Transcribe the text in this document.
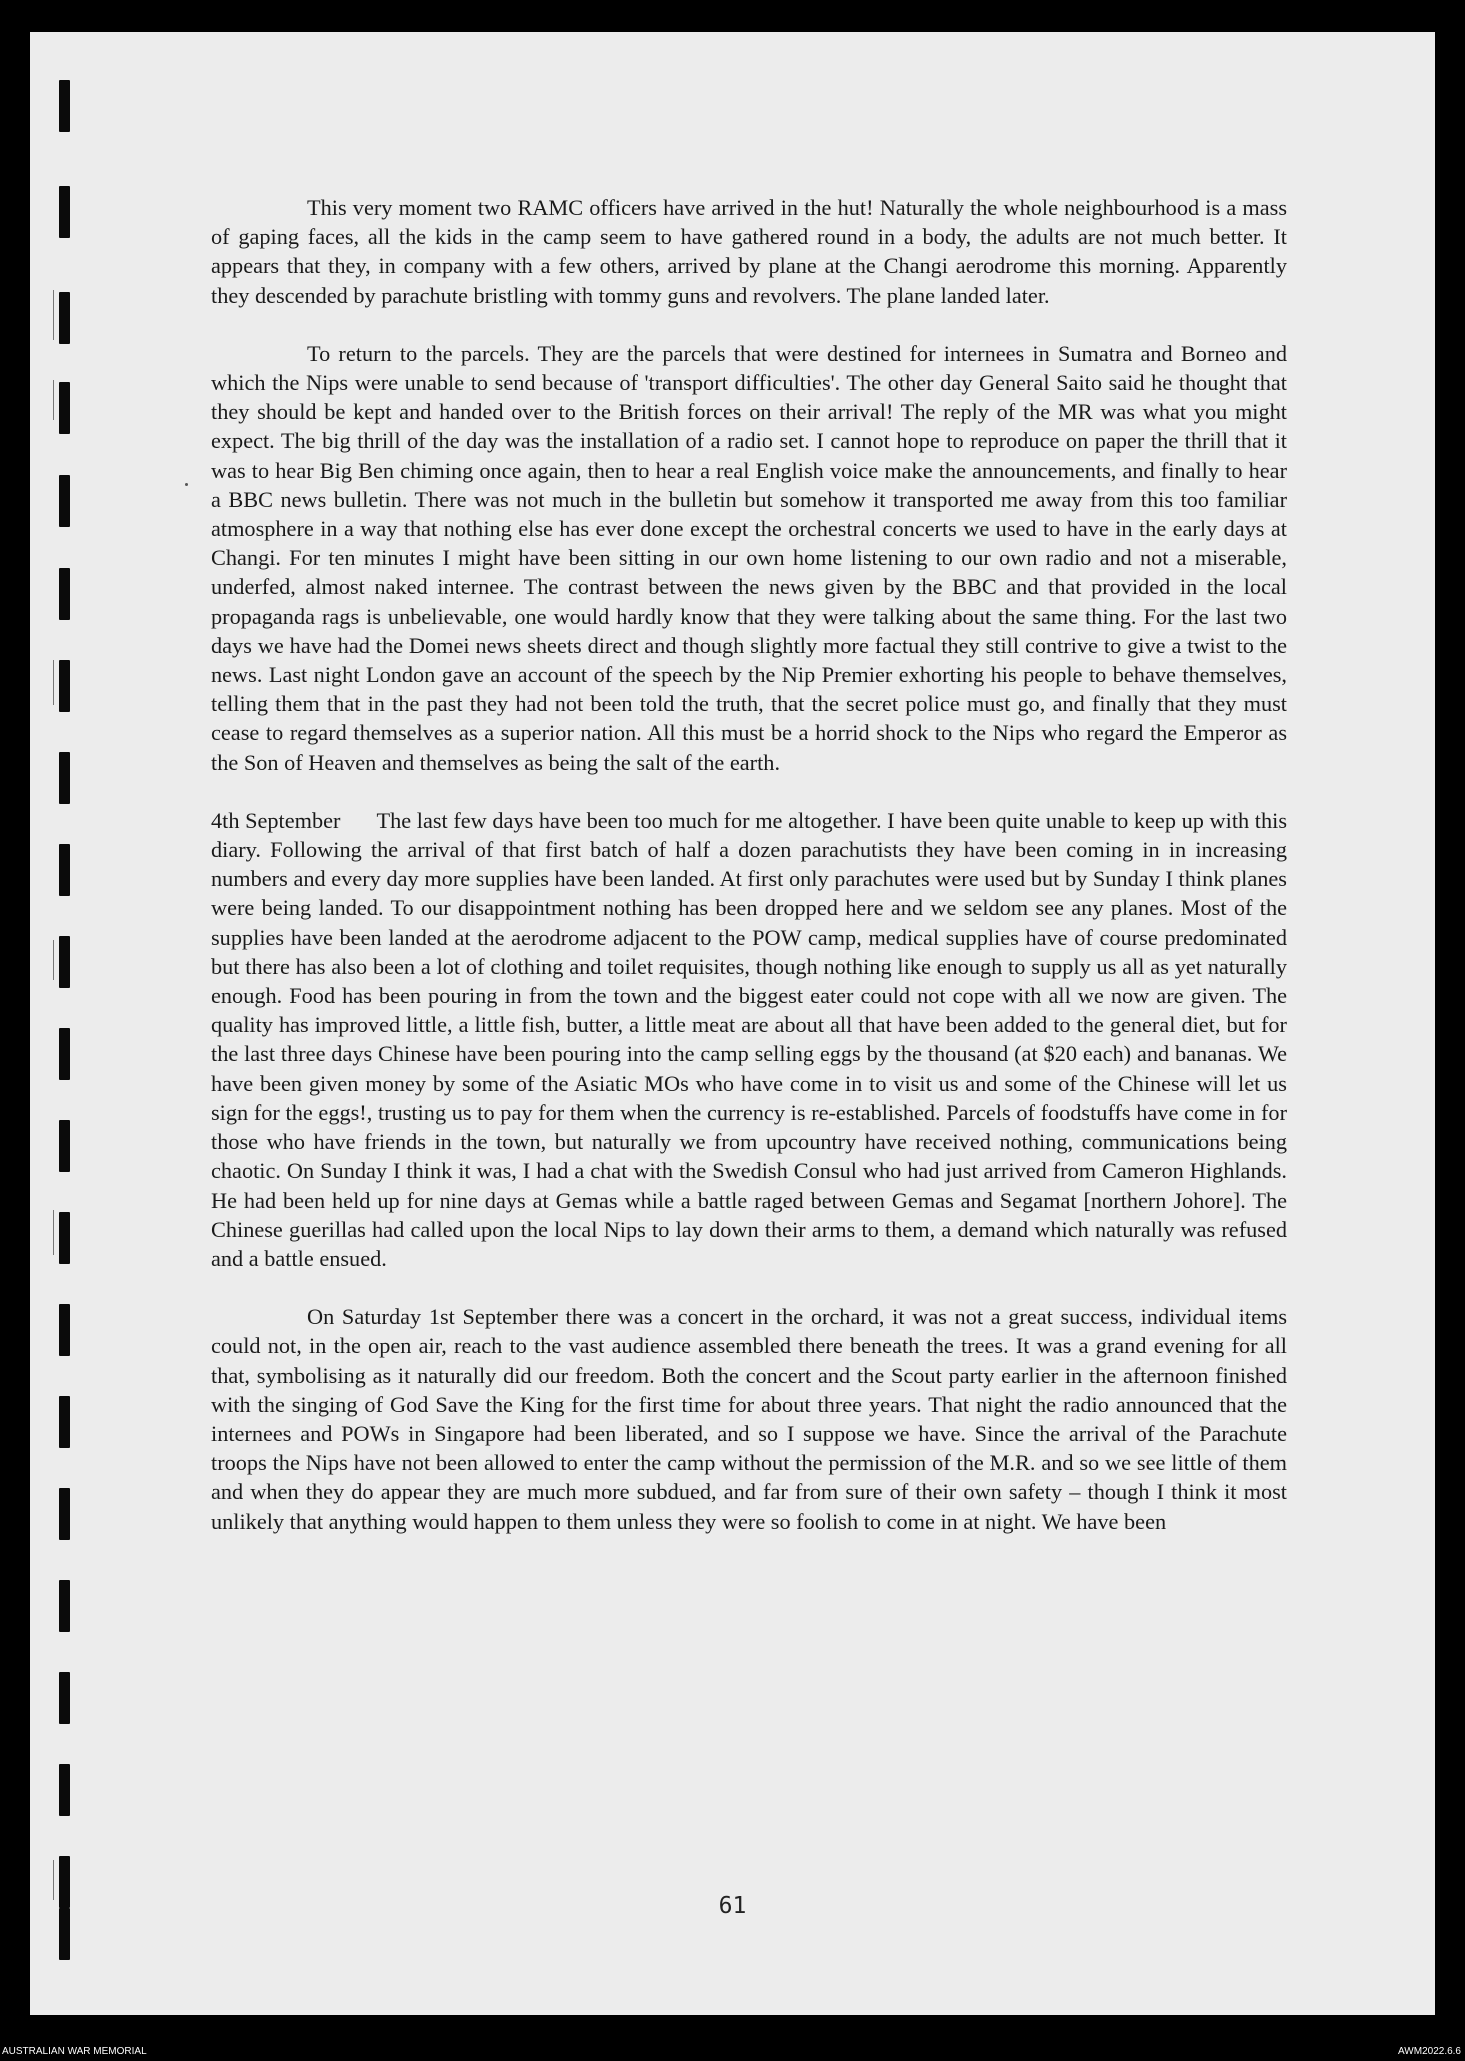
This very moment two RAMC officers have arrived in the hut! Naturally the whole neighbourhood is a mass of gaping faces, all the kids in the camp seem to have gathered round in a body, the adults are not much better. It appears that they, in company with a few others, arrived by plane at the Changi aerodrome this morning. Apparently they descended by parachute bristling with tommy guns and revolvers. The plane landed later.

To return to the parcels. They are the parcels that were destined for internees in Sumatra and Borneo and which the Nips were unable to send because of 'transport difficulties'. The other day General Saito said he thought that they should be kept and handed over to the British forces on their arrival! The reply of the MR was what you might expect. The big thrill of the day was the installation of a radio set. I cannot hope to reproduce on paper the thrill that it was to hear Big Ben chiming once again, then to hear a real English voice make the announcements, and finally to hear a BBC news bulletin. There was not much in the bulletin but somehow it transported me away from this too familiar atmosphere in a way that nothing else has ever done except the orchestral concerts we used to have in the early days at Changi. For ten minutes I might have been sitting in our own home listening to our own radio and not a miserable, underfed, almost naked internee. The contrast between the news given by the BBC and that provided in the local propaganda rags is unbelievable, one would hardly know that they were talking about the same thing. For the last two days we have had the Domei news sheets direct and though slightly more factual they still contrive to give a twist to the news. Last night London gave an account of the speech by the Nip Premier exhorting his people to behave themselves, telling them that in the past they had not been told the truth, that the secret police must go, and finally that they must cease to regard themselves as a superior nation. All this must be a horrid shock to the Nips who regard the Emperor as the Son of Heaven and themselves as being the salt of the earth.

4th September The last few days have been too much for me altogether. I have been quite unable to keep up with this diary. Following the arrival of that first batch of half a dozen parachutists they have been coming in in increasing numbers and every day more supplies have been landed. At first only parachutes were used but by Sunday I think planes were being landed. To our disappointment nothing has been dropped here and we seldom see any planes. Most of the supplies have been landed at the aerodrome adjacent to the POW camp, medical supplies have of course predominated but there has also been a lot of clothing and toilet requisites, though nothing like enough to supply us all as yet naturally enough. Food has been pouring in from the town and the biggest eater could not cope with all we now are given. The quality has improved little, a little fish, butter, a little meat are about all that have been added to the general diet, but for the last three days Chinese have been pouring into the camp selling eggs by the thousand (at $20 each) and bananas. We have been given money by some of the Asiatic MOs who have come in to visit us and some of the Chinese will let us sign for the eggs!, trusting us to pay for them when the currency is re-established. Parcels of foodstuffs have come in for those who have friends in the town, but naturally we from upcountry have received nothing, communications being chaotic. On Sunday I think it was, I had a chat with the Swedish Consul who had just arrived from Cameron Highlands. He had been held up for nine days at Gemas while a battle raged between Gemas and Segamat [northern Johore]. The Chinese guerillas had called upon the local Nips to lay down their arms to them, a demand which naturally was refused and a battle ensued.

On Saturday 1st September there was a concert in the orchard, it was not a great success, individual items could not, in the open air, reach to the vast audience assembled there beneath the trees. It was a grand evening for all that, symbolising as it naturally did our freedom. Both the concert and the Scout party earlier in the afternoon finished with the singing of God Save the King for the first time for about three years. That night the radio announced that the internees and POWs in Singapore had been liberated, and so I suppose we have. Since the arrival of the Parachute troops the Nips have not been allowed to enter the camp without the permission of the M.R. and so we see little of them and when they do appear they are much more subdued, and far from sure of their own safety – though I think it most unlikely that anything would happen to them unless they were so foolish to come in at night. We have been

61
AUSTRALIAN WAR MEMORIAL	AWM2022.6.6
